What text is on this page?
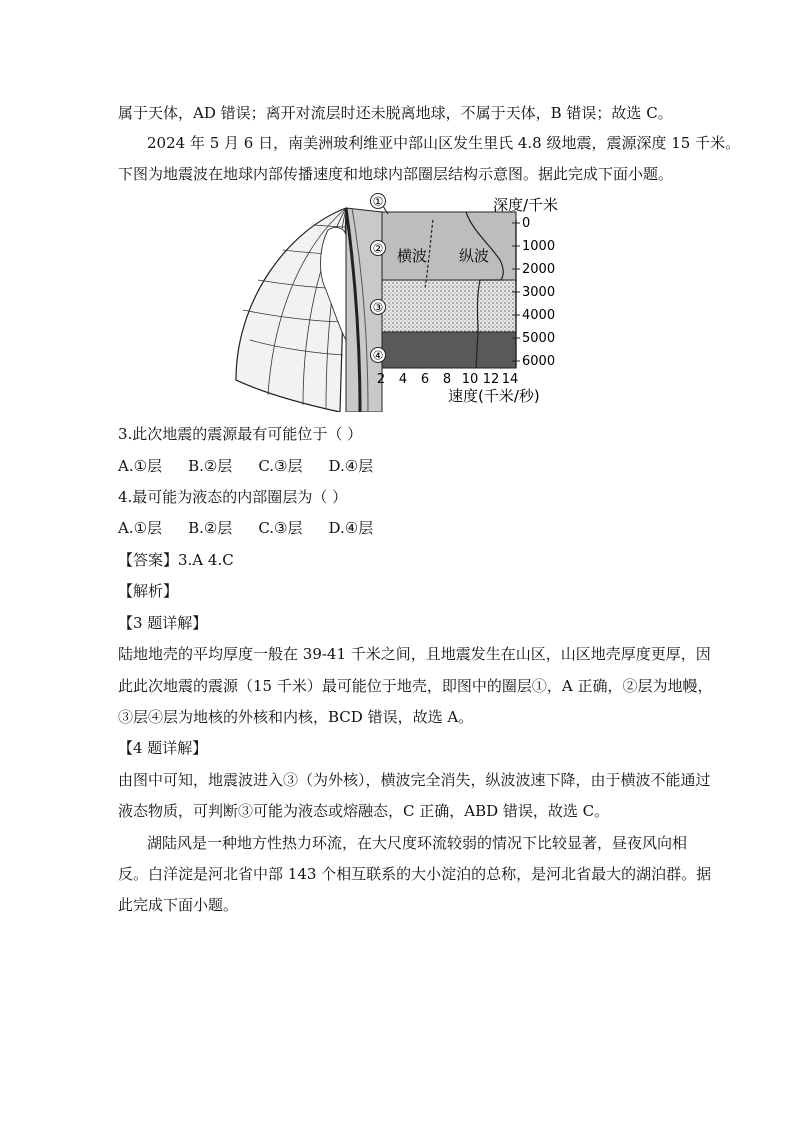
属于天体，AD 错误；离开对流层时还未脱离地球，不属于天体，B 错误；故选 C。
2024 年 5 月 6 日，南美洲玻利维亚中部山区发生里氏 4.8 级地震，震源深度 15 千米。
下图为地震波在地球内部传播速度和地球内部圈层结构示意图。据此完成下面小题。
①
②
③
④
横波 纵波
0
1000
2000
3000
4000
5000
6000
深度/千米
2 4 6 8 10 12 14
速度(千米/秒)
3.此次地震的震源最有可能位于（ ）
A.①层 B.②层 C.③层 D.④层
4.最可能为液态的内部圈层为（ ）
A.①层 B.②层 C.③层 D.④层
【答案】3.A 4.C
【解析】
【3 题详解】
陆地地壳的平均厚度一般在 39-41 千米之间，且地震发生在山区，山区地壳厚度更厚，因
此此次地震的震源（15 千米）最可能位于地壳，即图中的圈层①，A 正确，②层为地幔，
③层④层为地核的外核和内核，BCD 错误，故选 A。
【4 题详解】
由图中可知，地震波进入③（为外核），横波完全消失，纵波波速下降，由于横波不能通过
液态物质，可判断③可能为液态或熔融态，C 正确，ABD 错误，故选 C。
湖陆风是一种地方性热力环流，在大尺度环流较弱的情况下比较显著，昼夜风向相
反。白洋淀是河北省中部 143 个相互联系的大小淀泊的总称，是河北省最大的湖泊群。据
此完成下面小题。
